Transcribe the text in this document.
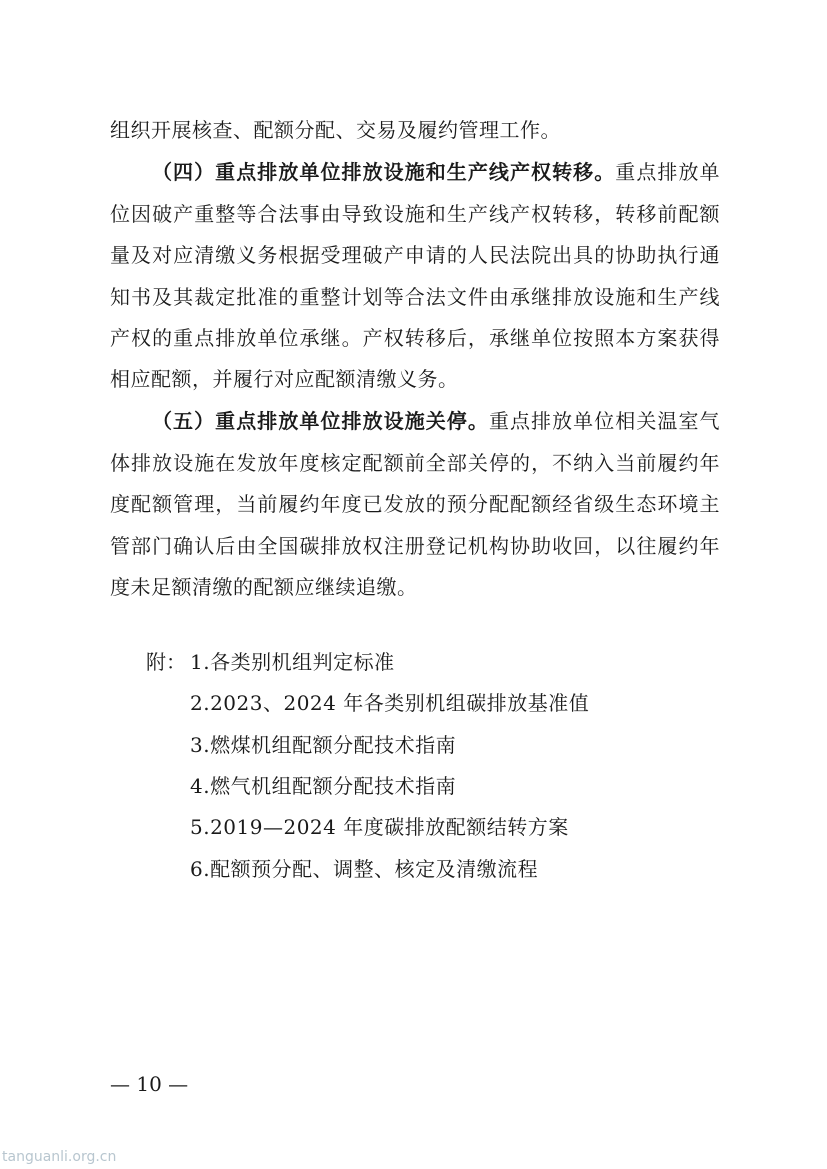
组织开展核查、配额分配、交易及履约管理工作。
（四）重点排放单位排放设施和生产线产权转移。重点排放单
位因破产重整等合法事由导致设施和生产线产权转移，转移前配额
量及对应清缴义务根据受理破产申请的人民法院出具的协助执行通
知书及其裁定批准的重整计划等合法文件由承继排放设施和生产线
产权的重点排放单位承继。产权转移后，承继单位按照本方案获得
相应配额，并履行对应配额清缴义务。
（五）重点排放单位排放设施关停。重点排放单位相关温室气
体排放设施在发放年度核定配额前全部关停的，不纳入当前履约年
度配额管理，当前履约年度已发放的预分配配额经省级生态环境主
管部门确认后由全国碳排放权注册登记机构协助收回，以往履约年
度未足额清缴的配额应继续追缴。
附： 1.各类别机组判定标准
2.2023、2024 年各类别机组碳排放基准值
3.燃煤机组配额分配技术指南
4.燃气机组配额分配技术指南
5.2019—2024 年度碳排放配额结转方案
6.配额预分配、调整、核定及清缴流程
— 10 —
tanguanli.org.cn
